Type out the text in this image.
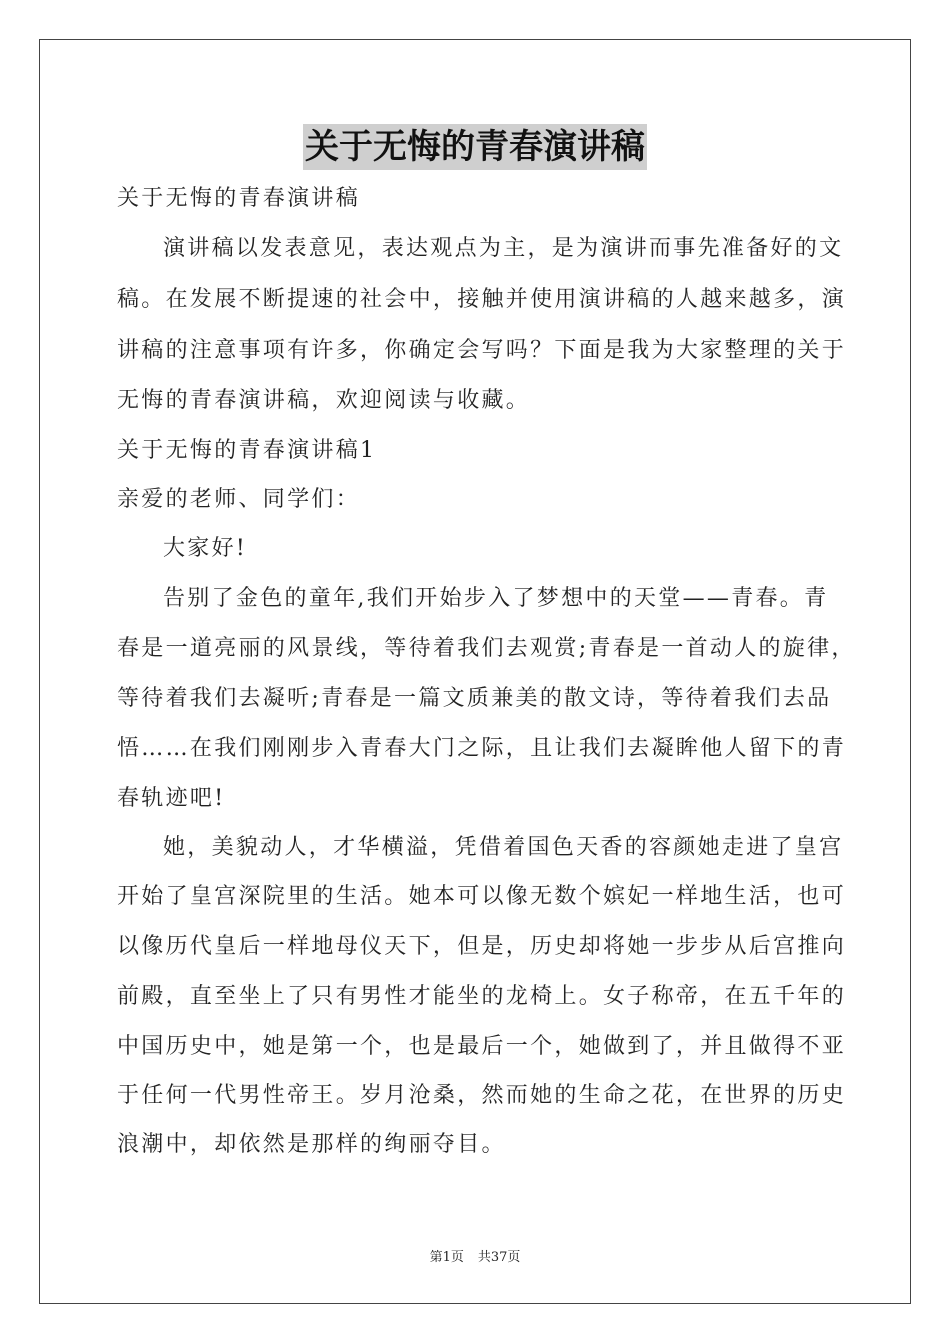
关于无悔的青春演讲稿
关于无悔的青春演讲稿
演讲稿以发表意见，表达观点为主，是为演讲而事先准备好的文
稿。在发展不断提速的社会中，接触并使用演讲稿的人越来越多，演
讲稿的注意事项有许多，你确定会写吗？下面是我为大家整理的关于
无悔的青春演讲稿，欢迎阅读与收藏。
关于无悔的青春演讲稿1
亲爱的老师、同学们：
大家好!
告别了金色的童年,我们开始步入了梦想中的天堂——青春。青
春是一道亮丽的风景线，等待着我们去观赏;青春是一首动人的旋律，
等待着我们去凝听;青春是一篇文质兼美的散文诗，等待着我们去品
悟……在我们刚刚步入青春大门之际，且让我们去凝眸他人留下的青
春轨迹吧!
她，美貌动人，才华横溢，凭借着国色天香的容颜她走进了皇宫
开始了皇宫深院里的生活。她本可以像无数个嫔妃一样地生活，也可
以像历代皇后一样地母仪天下，但是，历史却将她一步步从后宫推向
前殿，直至坐上了只有男性才能坐的龙椅上。女子称帝，在五千年的
中国历史中，她是第一个，也是最后一个，她做到了，并且做得不亚
于任何一代男性帝王。岁月沧桑，然而她的生命之花，在世界的历史
浪潮中，却依然是那样的绚丽夺目。
第1页 共37页
